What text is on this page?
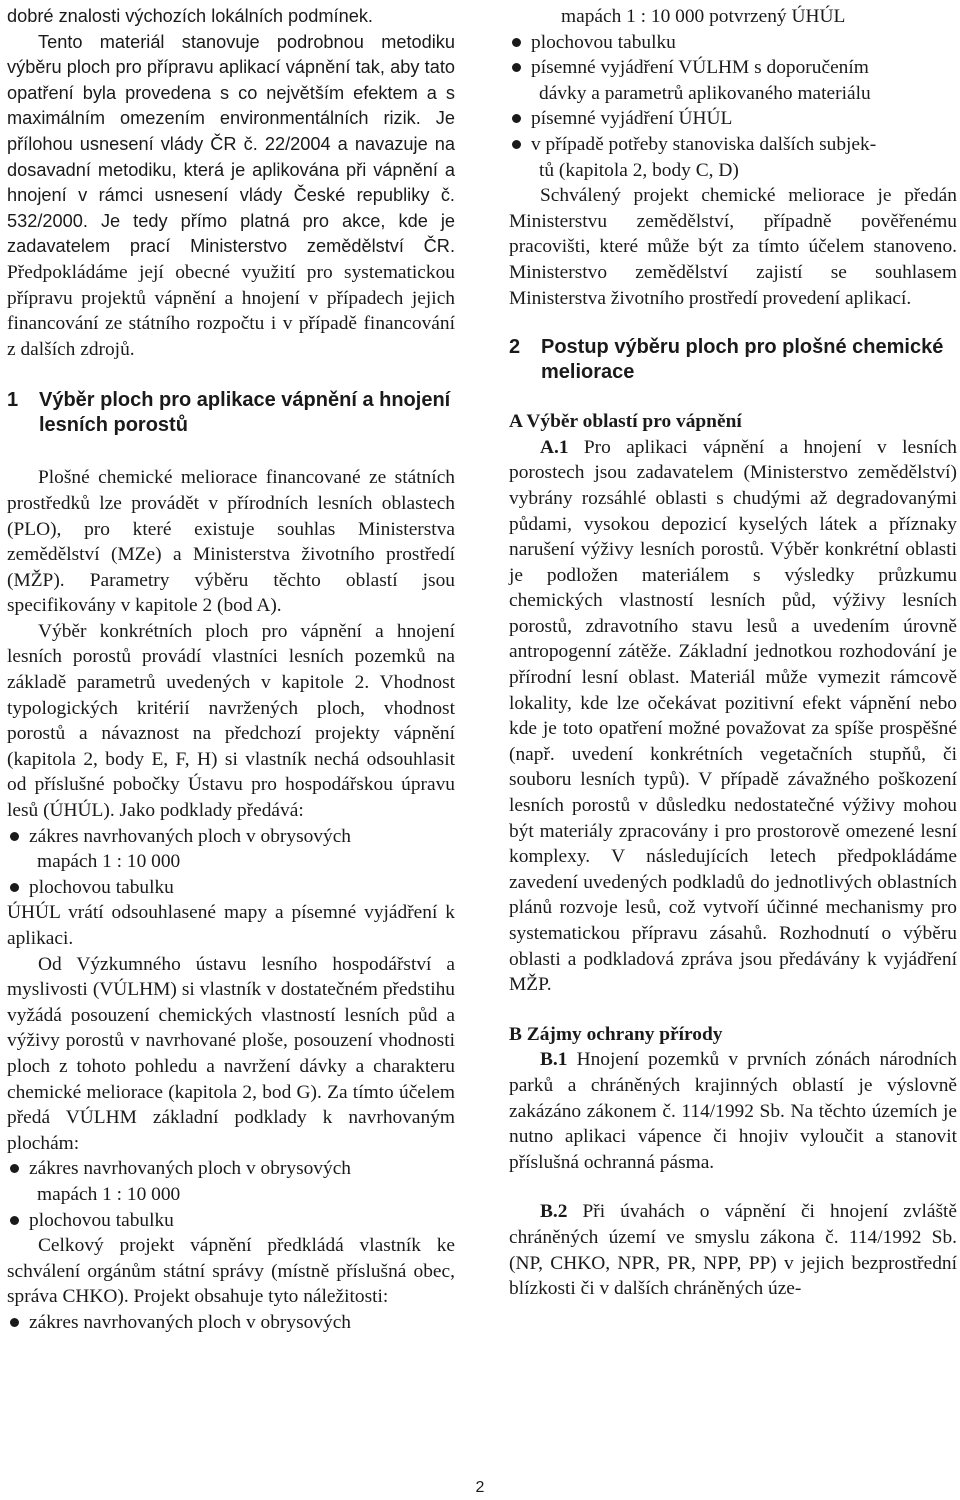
dobré znalosti výchozích lokálních podmínek.

Tento materiál stanovuje podrobnou metodiku výběru ploch pro přípravu aplikací vápnění tak, aby tato opatření byla provedena s co největším efektem a s maximálním omezením environmentálních rizik. Je přílohou usnesení vlády ČR č. 22/2004 a navazuje na dosavadní metodiku, která je aplikována při vápnění a hnojení v rámci usnesení vlády České republiky č. 532/2000. Je tedy přímo platná pro akce, kde je zadavatelem prací Ministerstvo zemědělství ČR. Předpokládáme její obecné využití pro systematickou přípravu projektů vápnění a hnojení v případech jejich financování ze státního rozpočtu i v případě financování z dalších zdrojů.

1	Výběr ploch pro aplikace vápnění a hnojení lesních porostů

Plošné chemické meliorace financované ze státních prostředků lze provádět v přírodních lesních oblastech (PLO), pro které existuje souhlas Ministerstva zemědělství (MZe) a Ministerstva životního prostředí (MŽP). Parametry výběru těchto oblastí jsou specifikovány v kapitole 2 (bod A).

Výběr konkrétních ploch pro vápnění a hnojení lesních porostů provádí vlastníci lesních pozemků na základě parametrů uvedených v kapitole 2. Vhodnost typologických kritérií navržených ploch, vhodnost porostů a návaznost na předchozí projekty vápnění (kapitola 2, body E, F, H) si vlastník nechá odsouhlasit od příslušné pobočky Ústavu pro hospodářskou úpravu lesů (ÚHÚL). Jako podklady předává:

zákres navrhovaných ploch v obrysových
mapách 1 : 10 000
plochovou tabulku

ÚHÚL vrátí odsouhlasené mapy a písemné vyjádření k aplikaci.

Od Výzkumného ústavu lesního hospodářství a myslivosti (VÚLHM) si vlastník v dostatečném předstihu vyžádá posouzení chemických vlastností lesních půd a výživy porostů v navrhované ploše, posouzení vhodnosti ploch z tohoto pohledu a navržení dávky a charakteru chemické meliorace (kapitola 2, bod G). Za tímto účelem předá VÚLHM základní podklady k navrhovaným plochám:

zákres navrhovaných ploch v obrysových
mapách 1 : 10 000
plochovou tabulku

Celkový projekt vápnění předkládá vlastník ke schválení orgánům státní správy (místně příslušná obec, správa CHKO). Projekt obsahuje tyto náležitosti:

zákres navrhovaných ploch v obrysových

mapách 1 : 10 000 potvrzený ÚHÚL

plochovou tabulku
písemné vyjádření VÚLHM s doporučením
dávky a parametrů aplikovaného materiálu
písemné vyjádření ÚHÚL
v případě potřeby stanoviska dalších subjek-
tů (kapitola 2, body C, D)

Schválený projekt chemické meliorace je předán Ministerstvu zemědělství, případně pověřenému pracovišti, které může být za tímto účelem stanoveno. Ministerstvo zemědělství zajistí se souhlasem Ministerstva životního prostředí provedení aplikací.

2	Postup výběru ploch pro plošné chemické meliorace

A Výběr oblastí pro vápnění

A.1 Pro aplikaci vápnění a hnojení v lesních porostech jsou zadavatelem (Ministerstvo zemědělství) vybrány rozsáhlé oblasti s chudými až degradovanými půdami, vysokou depozicí kyselých látek a příznaky narušení výživy lesních porostů. Výběr konkrétní oblasti je podložen materiálem s výsledky průzkumu chemických vlastností lesních půd, výživy lesních porostů, zdravotního stavu lesů a uvedením úrovně antropogenní zátěže. Základní jednotkou rozhodování je přírodní lesní oblast. Materiál může vymezit rámcově lokality, kde lze očekávat pozitivní efekt vápnění nebo kde je toto opatření možné považovat za spíše prospěšné (např. uvedení konkrétních vegetačních stupňů, či souboru lesních typů). V případě závažného poškození lesních porostů v důsledku nedostatečné výživy mohou být materiály zpracovány i pro prostorově omezené lesní komplexy. V následujících letech předpokládáme zavedení uvedených podkladů do jednotlivých oblastních plánů rozvoje lesů, což vytvoří účinné mechanismy pro systematickou přípravu zásahů. Rozhodnutí o výběru oblasti a podkladová zpráva jsou předávány k vyjádření MŽP.

B Zájmy ochrany přírody

B.1 Hnojení pozemků v prvních zónách národních parků a chráněných krajinných oblastí je výslovně zakázáno zákonem č. 114/1992 Sb. Na těchto územích je nutno aplikaci vápence či hnojiv vyloučit a stanovit příslušná ochranná pásma.

B.2 Při úvahách o vápnění či hnojení zvláště chráněných území ve smyslu zákona č. 114/1992 Sb. (NP, CHKO, NPR, PR, NPP, PP) v jejich bezprostřední blízkosti či v dalších chráněných úze-

2
